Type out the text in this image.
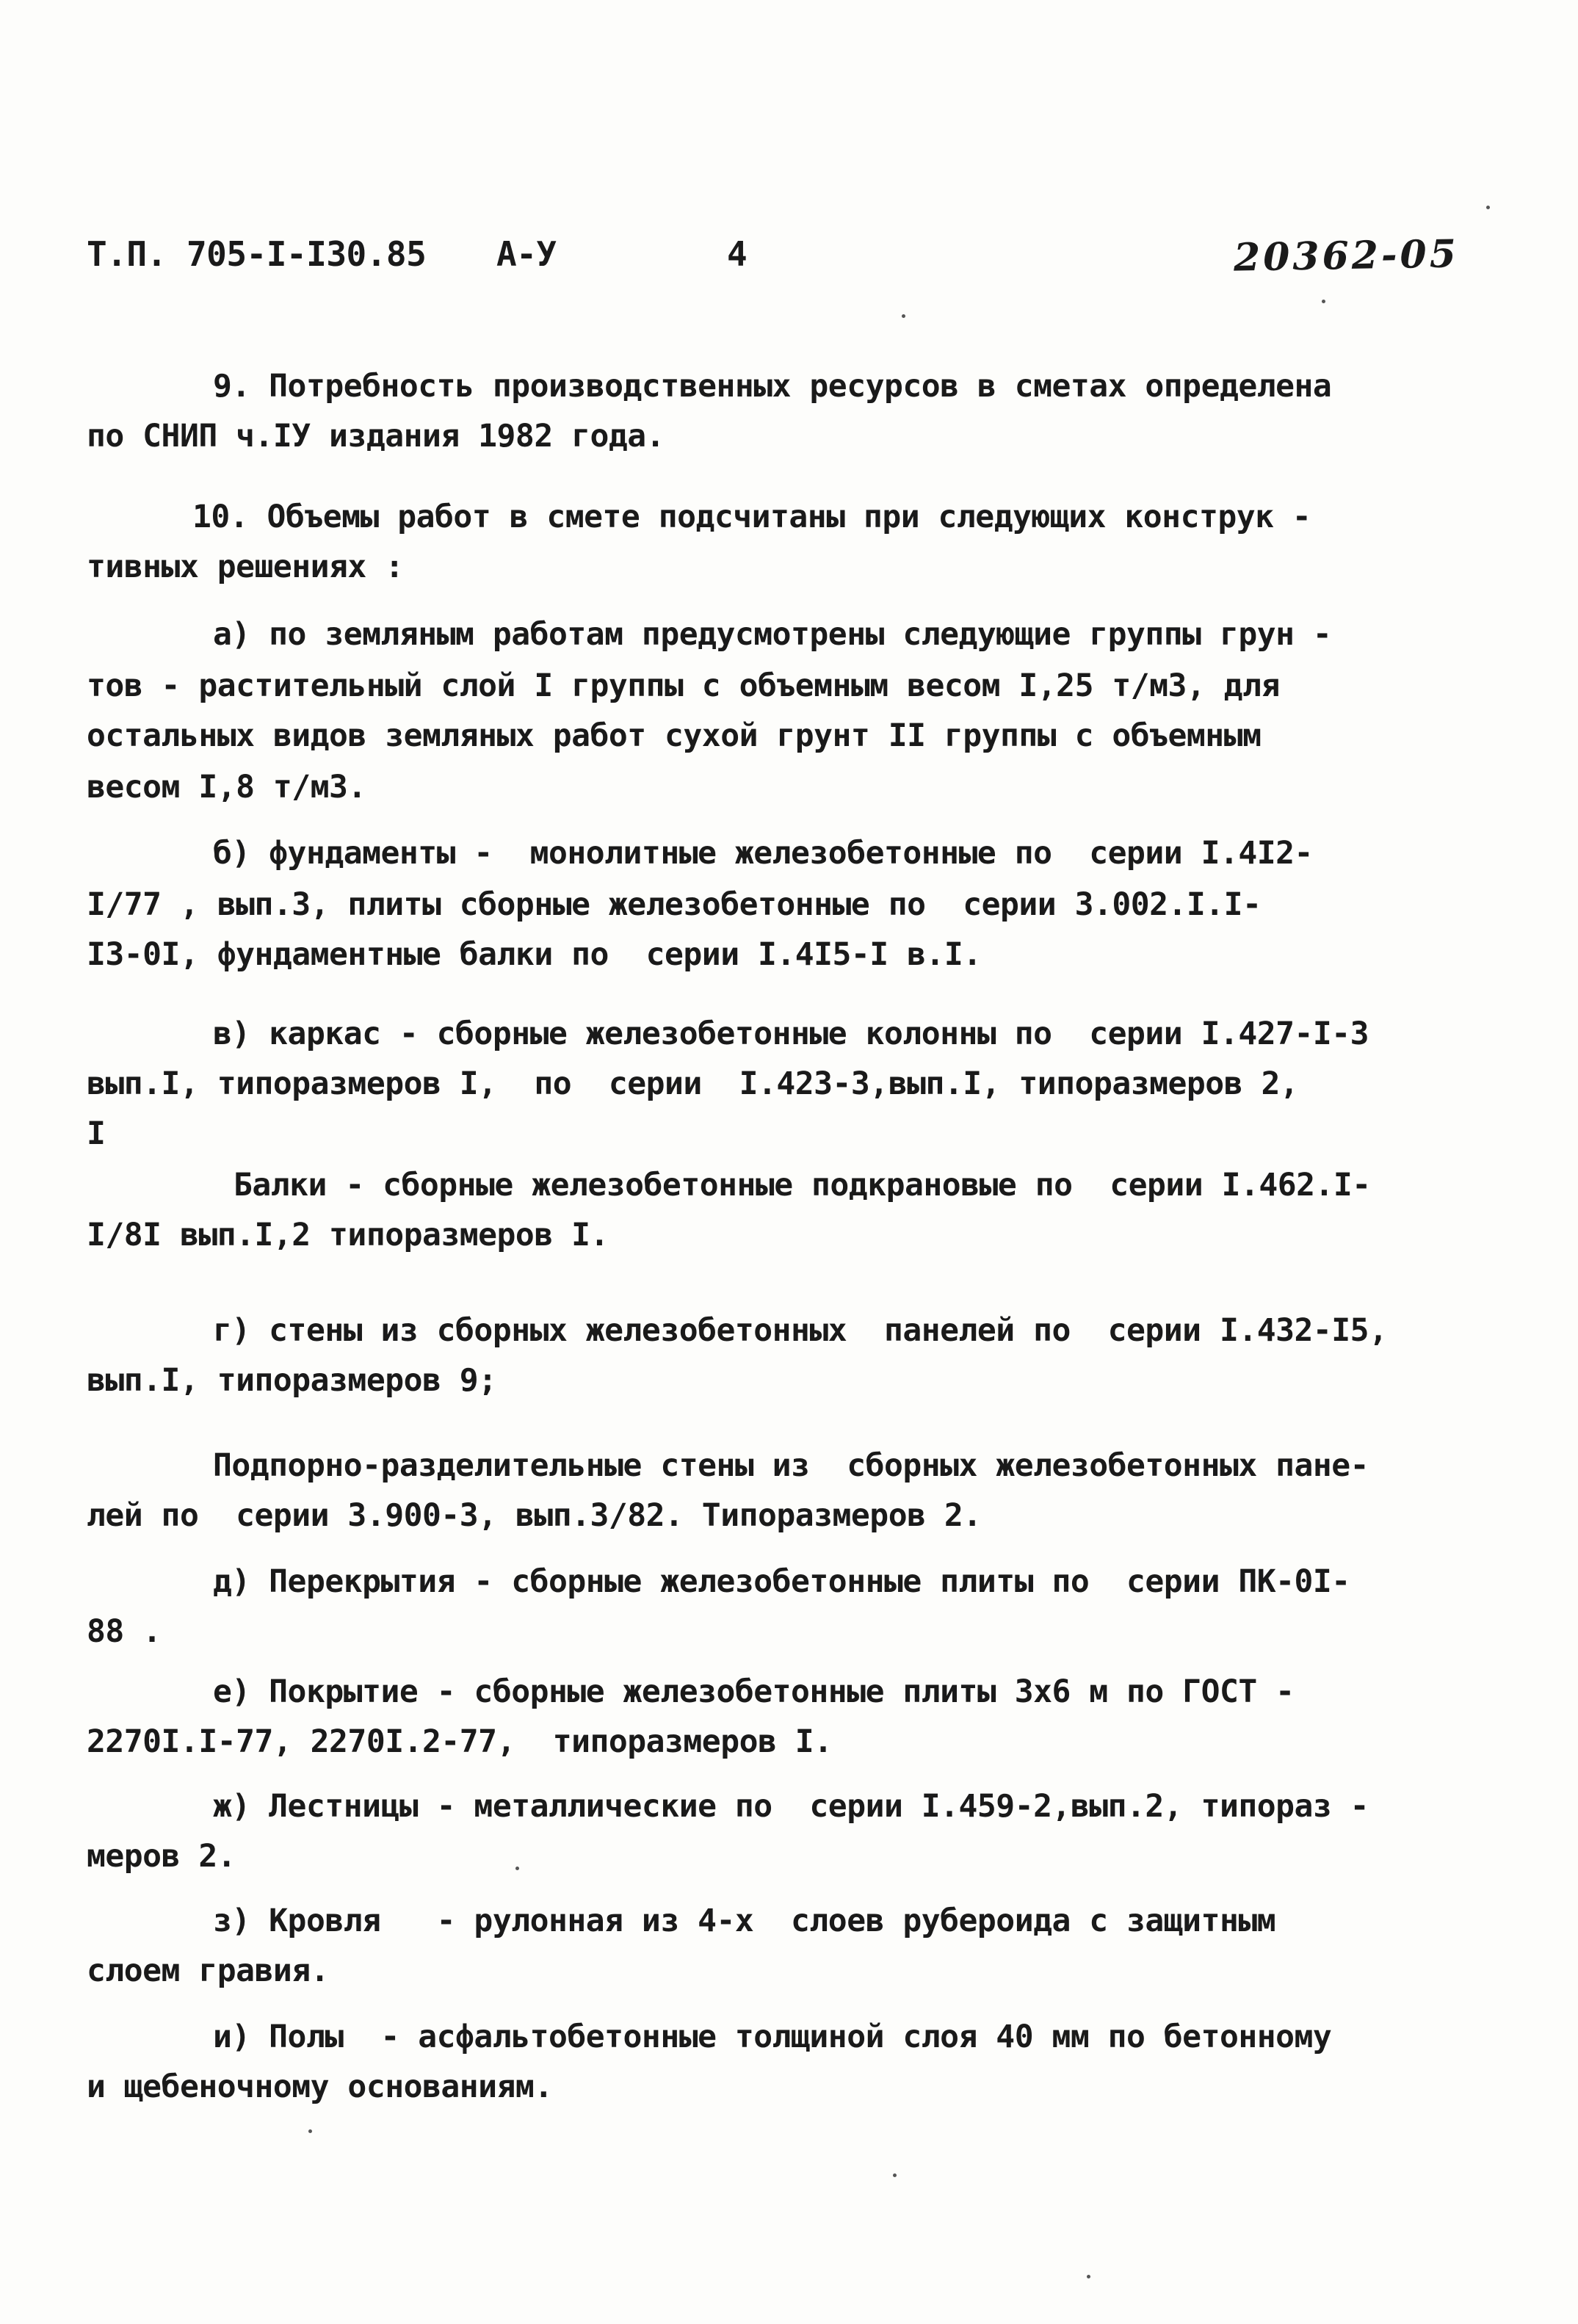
Т.П. 705-I-I30.85 А-У	4	20362-05
9. Потребность производственных ресурсов в сметах определена
по СНИП ч.IУ издания 1982 года.
10. Объемы работ в смете подсчитаны при следующих конструк -
тивных решениях :
а) по земляным работам предусмотрены следующие группы грун -
тов - растительный слой I группы с объемным весом I,25 т/м3, для
остальных видов земляных работ сухой грунт II группы с объемным
весом I,8 т/м3.
б) фундаменты -  монолитные железобетонные по  серии I.4I2-
I/77 , вып.3, плиты сборные железобетонные по  серии 3.002.I.I-
I3-0I, фундаментные балки по  серии I.4I5-I в.I.
в) каркас - сборные железобетонные колонны по  серии I.427-I-3
вып.I, типоразмеров I,  по  серии  I.423-3,вып.I, типоразмеров 2,
I
Балки - сборные железобетонные подкрановые по  серии I.462.I-
I/8I вып.I,2 типоразмеров I.
г) стены из сборных железобетонных  панелей по  серии I.432-I5,
вып.I, типоразмеров 9;
Подпорно-разделительные стены из  сборных железобетонных пане-
лей по  серии 3.900-3, вып.3/82. Типоразмеров 2.
д) Перекрытия - сборные железобетонные плиты по  серии ПК-0I-
88 .
е) Покрытие - сборные железобетонные плиты 3х6 м по ГОСТ -
2270I.I-77, 2270I.2-77,  типоразмеров I.
ж) Лестницы - металлические по  серии I.459-2,вып.2, типораз -
меров 2.
з) Кровля   - рулонная из 4-х  слоев рубероида с защитным
слоем гравия.
и) Полы  - асфальтобетонные толщиной слоя 40 мм по бетонному
и щебеночному основаниям.
